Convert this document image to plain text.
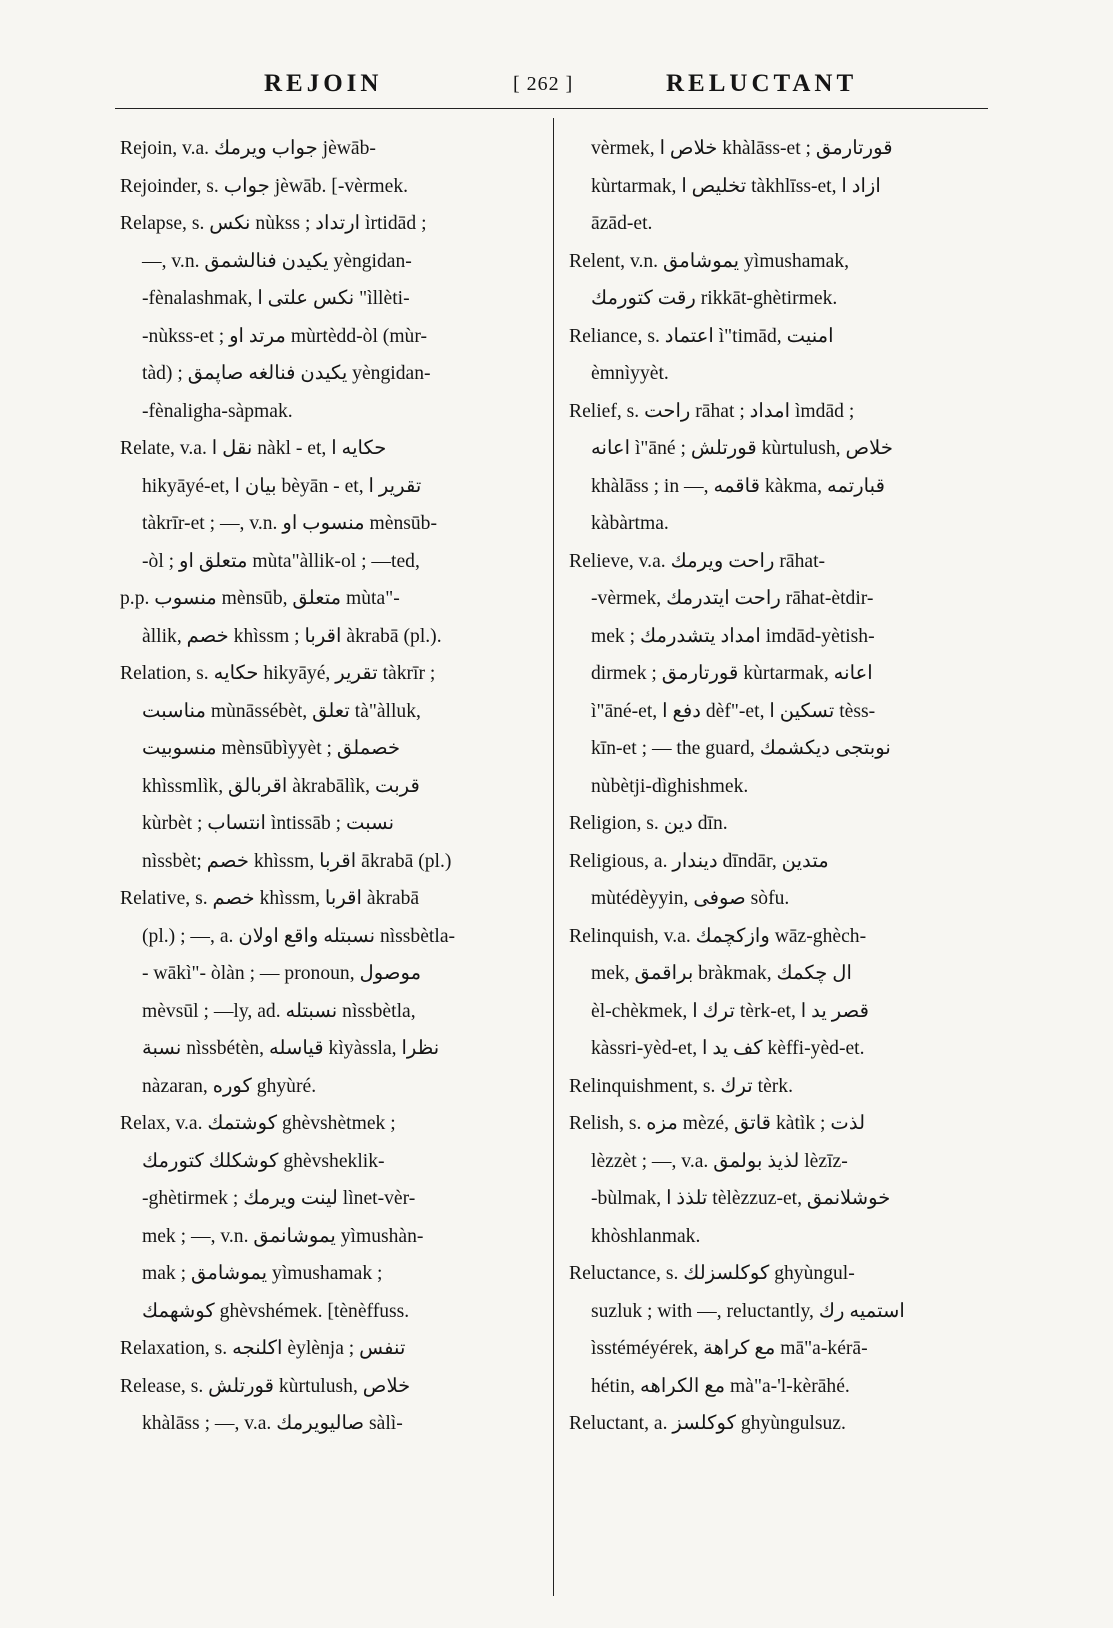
REJOIN	[ 262 ]	RELUCTANT
Rejoin, v.a. جواب ویرمك jèwāb-
Rejoinder, s. جواب jèwāb. [-vèrmek.
Relapse, s. نكس nùkss ; ارتداد ìrtidād ;
—, v.n. یكیدن فنالشمق yèngidan-
-fènalashmak, نكس علتی ا "ìllèti-
-nùkss-et ; مرتد او mùrtèdd-òl (mùr-
tàd) ; یكیدن فنالغه صاپمق yèngidan-
-fènaligha-sàpmak.
Relate, v.a. نقل ا nàkl - et, حكایه ا
hikyāyé-et, بیان ا bèyān - et, تقریر ا
tàkrīr-et ; —, v.n. منسوب او mènsūb-
-òl ; متعلق او mùta"àllik-ol ; —ted,
p.p. منسوب mènsūb, متعلق mùta"-
àllik, خصم khìssm ; اقربا àkrabā (pl.).
Relation, s. حكایه hikyāyé, تقریر tàkrīr ;
مناسبت mùnāssébèt, تعلق tà"àlluk,
منسوبیت mènsūbìyyèt ; خصملق
khìssmlìk, اقربالق àkrabālìk, قربت
kùrbèt ; انتساب ìntissāb ; نسبت
nìssbèt; خصم khìssm, اقربا ākrabā (pl.)
Relative, s. خصم khìssm, اقربا àkrabā
(pl.) ; —, a. نسبتله واقع اولان nìssbètla-
- wākì"- òlàn ; — pronoun, موصول
mèvsūl ; —ly, ad. نسبتله nìssbètla,
نسبة nìssbétèn, قیاسله kìyàssla, نظرا
nàzaran, كوره ghyùré.
Relax, v.a. كوشتمك ghèvshètmek ;
كوشكلك كتورمك ghèvsheklik-
-ghètirmek ; لینت ویرمك lìnet-vèr-
mek ; —, v.n. یموشانمق yìmushàn-
mak ; یموشامق yìmushamak ;
كوشهمك ghèvshémek. [tènèffuss.
Relaxation, s. اكلنجه èylènja ; تنفس
Release, s. قورتلش kùrtulush, خلاص
khàlāss ; —, v.a. صالیویرمك sàlì-
vèrmek, خلاص ا khàlāss-et ; قورتارمق
kùrtarmak, تخلیص ا tàkhlīss-et, ازاد ا
āzād-et.
Relent, v.n. یموشامق yìmushamak,
رقت كتورمك rikkāt-ghètirmek.
Reliance, s. اعتماد ì"timād, امنیت
èmnìyyèt.
Relief, s. راحت rāhat ; امداد ìmdād ;
اعانه ì"āné ; قورتلش kùrtulush, خلاص
khàlāss ; in —, قاقمه kàkma, قبارتمه
kàbàrtma.
Relieve, v.a. راحت ویرمك rāhat-
-vèrmek, راحت ایتدرمك rāhat-ètdir-
mek ; امداد یتشدرمك imdād-yètish-
dirmek ; قورتارمق kùrtarmak, اعانه
ì"āné-et, دفع ا dèf"-et, تسكین ا tèss-
kīn-et ; — the guard, نوبتجی دیكشمك
nùbètji-dìghishmek.
Religion, s. دین dīn.
Religious, a. دیندار dīndār, متدین
mùtédèyyin, صوفی sòfu.
Relinquish, v.a. وازكچمك wāz-ghèch-
mek, براقمق bràkmak, ال چكمك
èl-chèkmek, ترك ا tèrk-et, قصر ید ا
kàssri-yèd-et, كف ید ا kèffi-yèd-et.
Relinquishment, s. ترك tèrk.
Relish, s. مزه mèzé, قاتق kàtìk ; لذت
lèzzèt ; —, v.a. لذیذ بولمق lèzīz-
-bùlmak, تلذذ ا tèlèzzuz-et, خوشلانمق
khòshlanmak.
Reluctance, s. كوكلسزلك ghyùngul-
suzluk ; with —, reluctantly, استمیه رك
ìsstéméyérek, مع كراهة mā"a-kérā-
hétin, مع الكراهه mà"a-'l-kèrāhé.
Reluctant, a. كوكلسز ghyùngulsuz.
